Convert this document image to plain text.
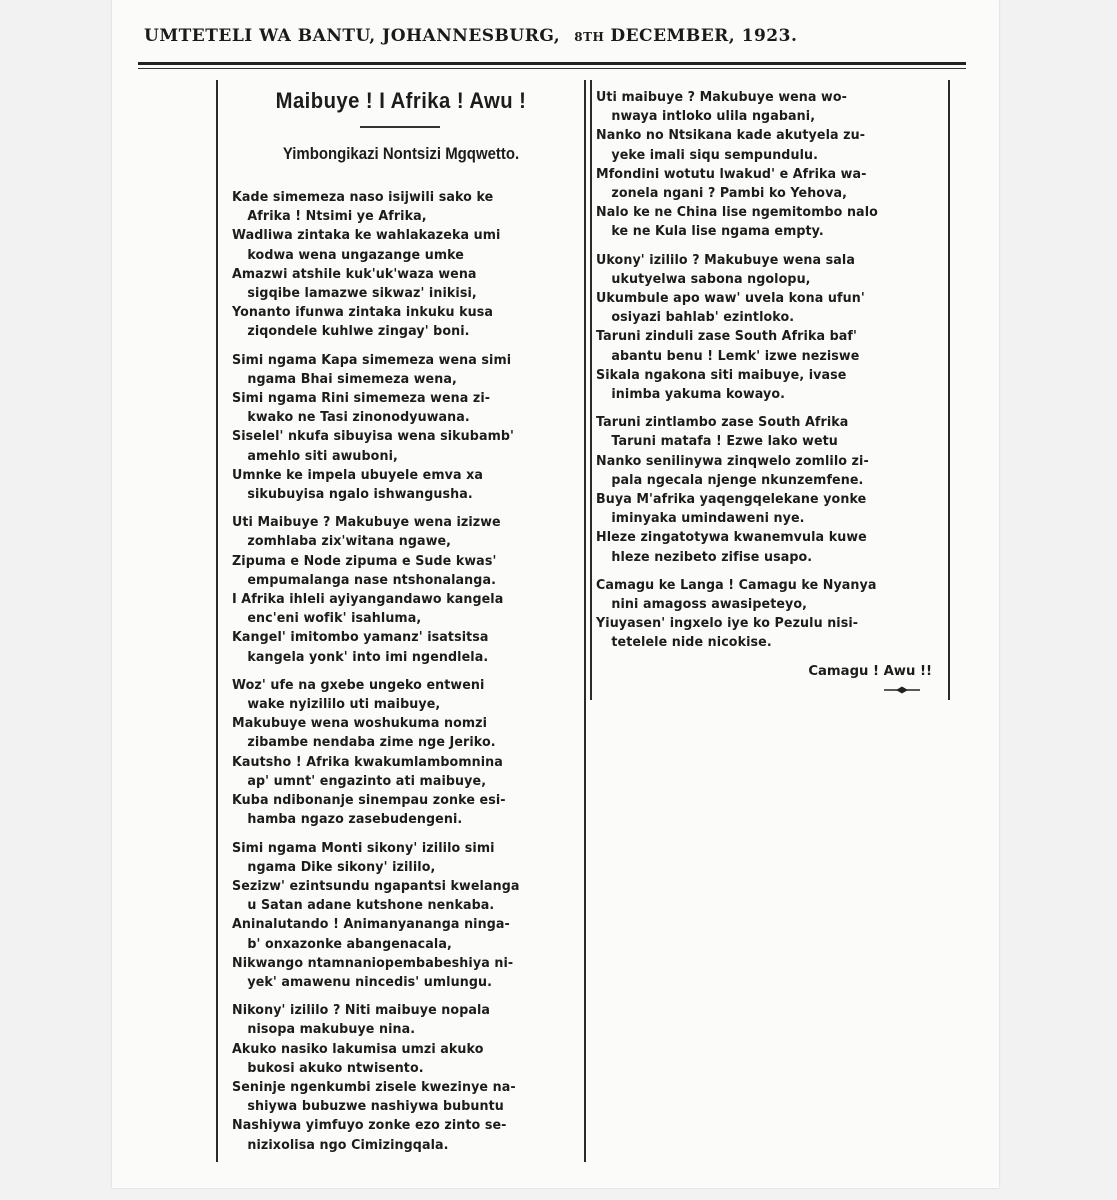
UMTETELI WA BANTU, JOHANNESBURG, 8TH DECEMBER, 1923.
Maibuye ! I Afrika ! Awu !
Yimbongikazi Nontsizi Mgqwetto.
Kade simemeza naso isijwili sako ke
Afrika ! Ntsimi ye Afrika,
Wadliwa zintaka ke wahlakazeka umi
kodwa wena ungazange umke
Amazwi atshile kuk'uk'waza wena
sigqibe lamazwe sikwaz' inikisi,
Yonanto ifunwa zintaka inkuku kusa
ziqondele kuhlwe zingay' boni.
Simi ngama Kapa simemeza wena simi
ngama Bhai simemeza wena,
Simi ngama Rini simemeza wena zi-
kwako ne Tasi zinonodyuwana.
Siselel' nkufa sibuyisa wena sikubamb'
amehlo siti awuboni,
Umnke ke impela ubuyele emva xa
sikubuyisa ngalo ishwangusha.
Uti Maibuye ? Makubuye wena izizwe
zomhlaba zix'witana ngawe,
Zipuma e Node zipuma e Sude kwas'
empumalanga nase ntshonalanga.
I Afrika ihleli ayiyangandawo kangela
enc'eni wofik' isahluma,
Kangel' imitombo yamanz' isatsitsa
kangela yonk' into imi ngendlela.
Woz' ufe na gxebe ungeko entweni
wake nyizililo uti maibuye,
Makubuye wena woshukuma nomzi
zibambe nendaba zime nge Jeriko.
Kautsho ! Afrika kwakumlambomnina
ap' umnt' engazinto ati maibuye,
Kuba ndibonanje sinempau zonke esi-
hamba ngazo zasebudengeni.
Simi ngama Monti sikony' izililo simi
ngama Dike sikony' izililo,
Sezizw' ezintsundu ngapantsi kwelanga
u Satan adane kutshone nenkaba.
Aninalutando ! Animanyananga ninga-
b' onxazonke abangenacala,
Nikwango ntamnaniopembabeshiya ni-
yek' amawenu nincedis' umlungu.
Nikony' izililo ? Niti maibuye nopala
nisopa makubuye nina.
Akuko nasiko lakumisa umzi akuko
bukosi akuko ntwisento.
Seninje ngenkumbi zisele kwezinye na-
shiywa bubuzwe nashiywa bubuntu
Nashiywa yimfuyo zonke ezo zinto se-
nizixolisa ngo Cimizingqala.
Uti maibuye ? Makubuye wena wo-
nwaya intloko ulila ngabani,
Nanko no Ntsikana kade akutyela zu-
yeke imali siqu sempundulu.
Mfondini wotutu lwakud' e Afrika wa-
zonela ngani ? Pambi ko Yehova,
Nalo ke ne China lise ngemitombo nalo
ke ne Kula lise ngama empty.
Ukony' izililo ? Makubuye wena sala
ukutyelwa sabona ngolopu,
Ukumbule apo waw' uvela kona ufun'
osiyazi bahlab' ezintloko.
Taruni zinduli zase South Afrika baf'
abantu benu ! Lemk' izwe neziswe
Sikala ngakona siti maibuye, ivase
inimba yakuma kowayo.
Taruni zintlambo zase South Afrika
Taruni matafa ! Ezwe lako wetu
Nanko senilinywa zinqwelo zomlilo zi-
pala ngecala njenge nkunzemfene.
Buya M'afrika yaqengqelekane yonke
iminyaka umindaweni nye.
Hleze zingatotywa kwanemvula kuwe
hleze nezibeto zifise usapo.
Camagu ke Langa ! Camagu ke Nyanya
nini amagoss awasipeteyo,
Yiuyasen' ingxelo iye ko Pezulu nisi-
tetelele nide nicokise.
Camagu ! Awu !!
